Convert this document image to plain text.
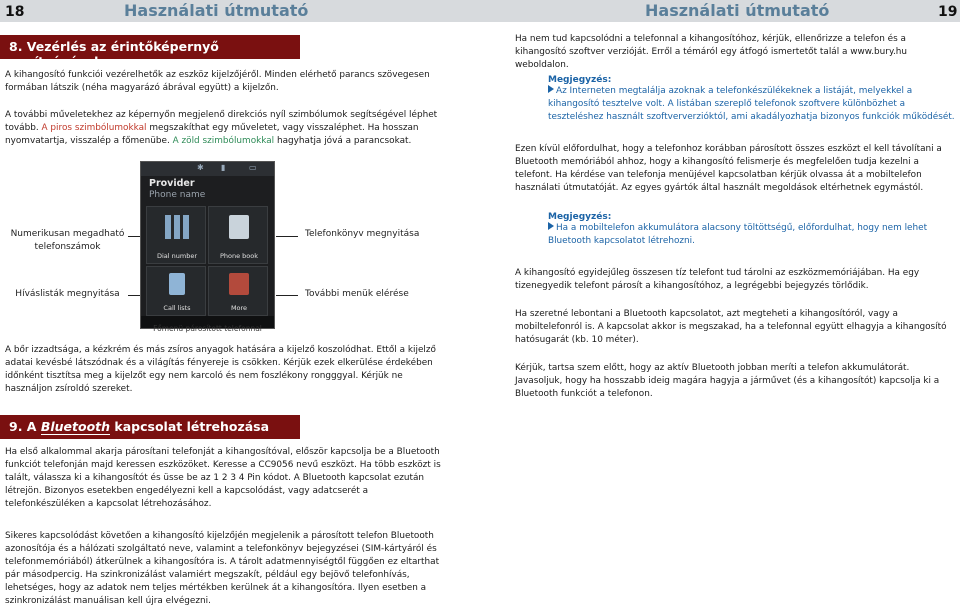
18	Használati útmutató	Használati útmutató	19
8. Vezérlés az érintőképernyő segítségével

A kihangosító funkciói vezérelhetők az eszköz kijelzőjéről. Minden elérhető parancs szövegesen formában látszik (néha magyarázó ábrával együtt) a kijelzőn.

A további műveletekhez az képernyőn megjelenő direkciós nyíl szimbólumok segítségével léphet tovább. A piros szimbólumokkal megszakíthat egy műveletet, vagy visszaléphet. Ha hosszan nyomvatartja, visszalép a főmenübe. A zöld szimbólumokkal hagyhatja jóvá a parancsokat.

Numerikusan megadható telefonszámok
Híváslisták megnyitása
Telefonkönyv megnyitása
További menük elérése
✱ ▮	▭
Provider
Phone name
Dial number	Phone book
Call lists	More
Főmenü párosított telefonnal

A bőr izzadtsága, a kézkrém és más zsíros anyagok hatására a kijelző koszolódhat. Ettől a kijelző adatai kevésbé látszódnak és a világítás fényereje is csökken. Kérjük ezek elkerülése érdekében időnként tisztítsa meg a kijelzőt egy nem karcoló és nem foszlékony rongggyal. Kérjük ne használjon zsíroldó szereket.

9. A Bluetooth kapcsolat létrehozása

Ha első alkalommal akarja párosítani telefonját a kihangosítóval, először kapcsolja be a Bluetooth funkciót telefonján majd keressen eszközöket. Keresse a CC9056 nevű eszközt. Ha több eszközt is talált, válassza ki a kihangosítót és üsse be az 1 2 3 4 Pin kódot. A Bluetooth kapcsolat ezután létrejön. Bizonyos esetekben engedélyezni kell a kapcsolódást, vagy adatcserét a telefonkészüléken a kapcsolat létrehozásához.

Sikeres kapcsolódást követően a kihangosító kijelzőjén megjelenik a párosított telefon Bluetooth azonosítója és a hálózati szolgáltató neve, valamint a telefonkönyv bejegyzései (SIM-kártyáról és telefonmemóriából) átkerülnek a kihangosítóra is. A tárolt adatmennyiségtől függően ez eltarthat pár másodpercig. Ha szinkronizálást valamiért megszakít, például egy bejövő telefonhívás, lehetséges, hogy az adatok nem teljes mértékben kerülnek át a kihangosítóra. Ilyen esetben a szinkronizálást manuálisan kell újra elvégezni.

Ha nem tud kapcsolódni a telefonnal a kihangosítóhoz, kérjük, ellenőrizze a telefon és a kihangosító szoftver verzióját. Erről a témáról egy átfogó ismertetőt talál a www.bury.hu weboldalon.

Megjegyzés:
Az Interneten megtalálja azoknak a telefonkészülékeknek a listáját, melyekkel a kihangosító tesztelve volt. A listában szereplő telefonok szoftvere különbözhet a teszteléshez használt szoftververzióktól, ami akadályozhatja bizonyos funkciók működését.

Ezen kívül előfordulhat, hogy a telefonhoz korábban párosított összes eszközt el kell távolítani a Bluetooth memóriából ahhoz, hogy a kihangosító felismerje és megfelelően tudja kezelni a telefont. Ha kérdése van telefonja menüjével kapcsolatban kérjük olvassa át a mobiltelefon használati útmutatóját. Az egyes gyártók által használt megoldások eltérhetnek egymástól.

Megjegyzés:
Ha a mobiltelefon akkumulátora alacsony töltöttségű, előfordulhat, hogy nem lehet Bluetooth kapcsolatot létrehozni.

A kihangosító egyidejűleg összesen tíz telefont tud tárolni az eszközmemóriájában. Ha egy tizenegyedik telefont párosít a kihangosítóhoz, a legrégebbi bejegyzés törlődik.

Ha szeretné lebontani a Bluetooth kapcsolatot, azt megteheti a kihangosítóról, vagy a mobiltelefonról is. A kapcsolat akkor is megszakad, ha a telefonnal együtt elhagyja a kihangosító hatósugarát (kb. 10 méter).

Kérjük, tartsa szem előtt, hogy az aktív Bluetooth jobban meríti a telefon akkumulátorát. Javasoljuk, hogy ha hosszabb ideig magára hagyja a járművet (és a kihangosítót) kapcsolja ki a Bluetooth funkciót a telefonon.
